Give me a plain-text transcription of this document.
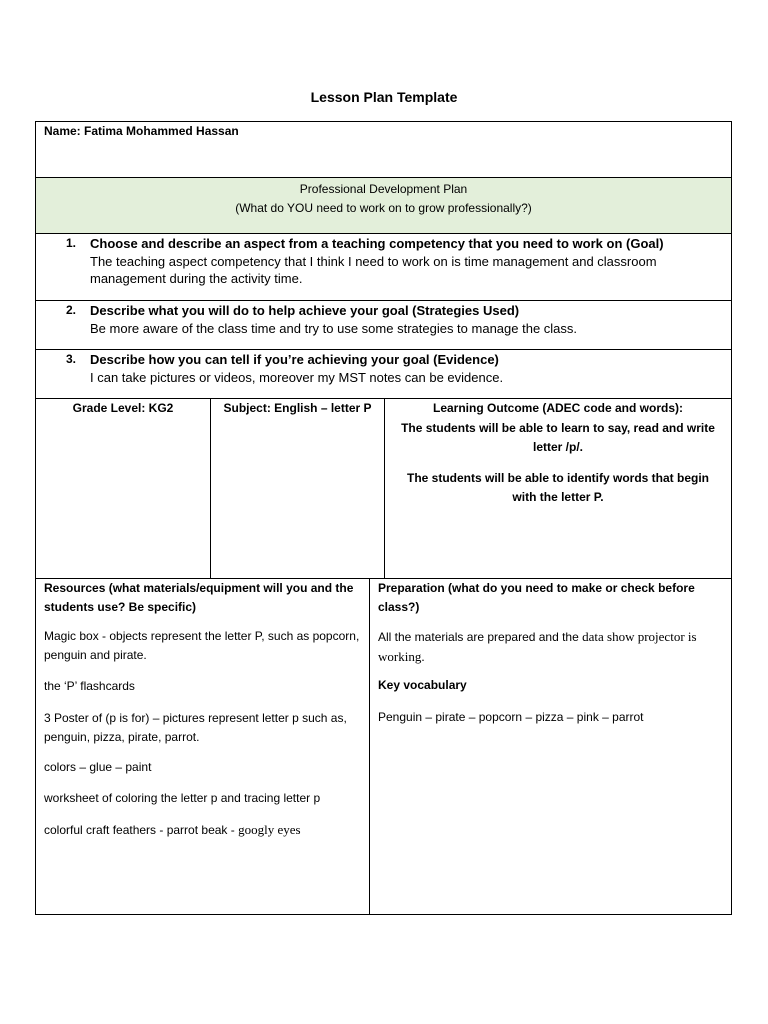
Lesson Plan Template
Name: Fatima Mohammed Hassan
Professional Development Plan
(What do YOU need to work on to grow professionally?)
1. Choose and describe an aspect from a teaching competency that you need to work on (Goal)
The teaching aspect competency that I think I need to work on is time management and classroom management during the activity time.
2. Describe what you will do to help achieve your goal (Strategies Used)
Be more aware of the class time and try to use some strategies to manage the class.
3. Describe how you can tell if you’re achieving your goal (Evidence)
I can take pictures or videos, moreover my MST notes can be evidence.
Grade Level: KG2	Subject: English – letter P	Learning Outcome (ADEC code and words):
The students will be able to learn to say, read and write letter /p/.
The students will be able to identify words that begin with the letter P.
Resources (what materials/equipment will you and the students use? Be specific)
Magic box - objects represent the letter P, such as popcorn, penguin and pirate.
the ‘P’ flashcards
3 Poster of (p is for) – pictures represent letter p such as, penguin, pizza, pirate, parrot.
colors – glue – paint
worksheet of coloring the letter p and tracing letter p
colorful craft feathers - parrot beak - googly eyes
Preparation (what do you need to make or check before class?)
All the materials are prepared and the data show projector is working.
Key vocabulary
Penguin – pirate – popcorn – pizza – pink – parrot
